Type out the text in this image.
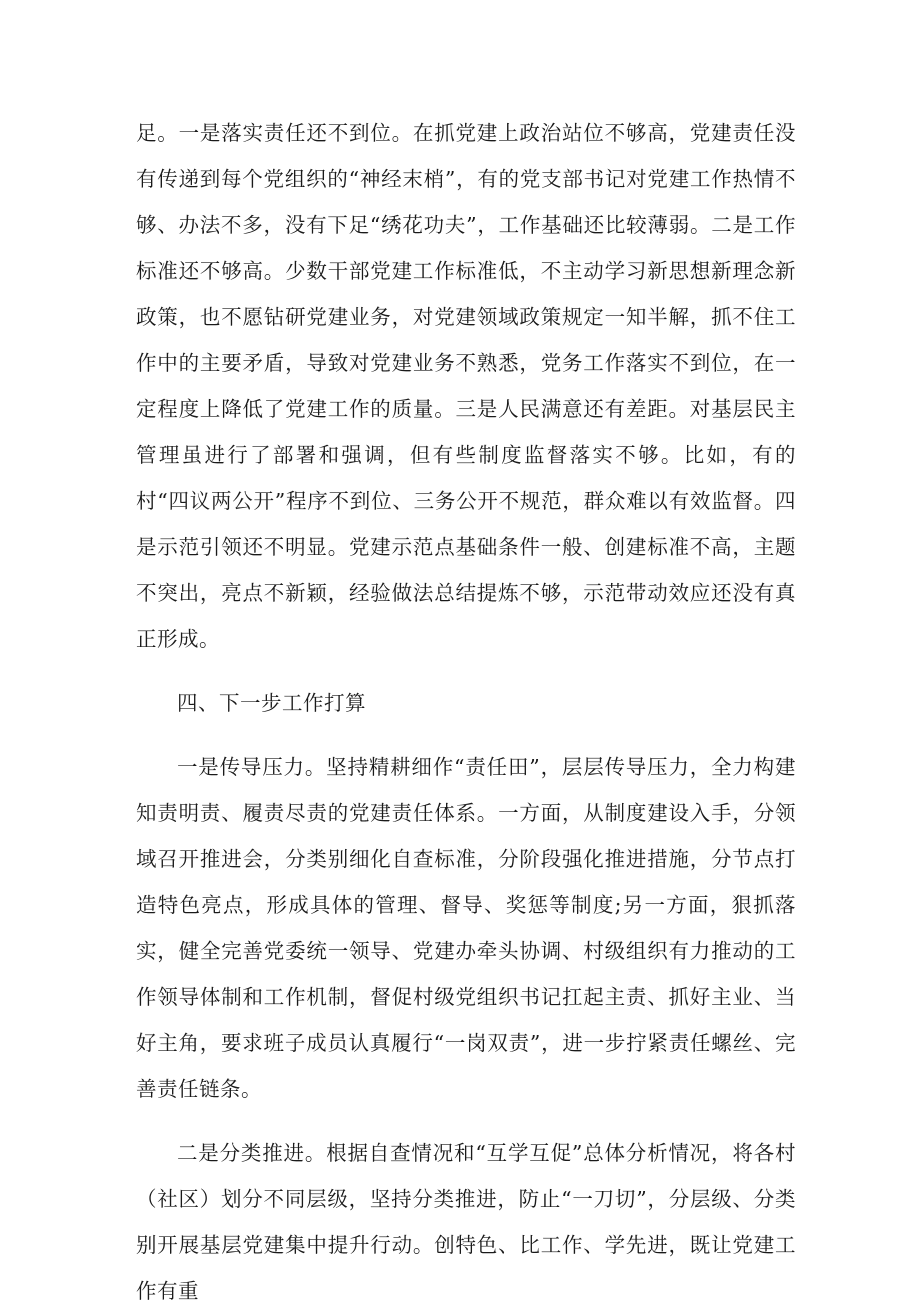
足。一是落实责任还不到位。在抓党建上政治站位不够高，党建责任没有传递到每个党组织的“神经末梢”，有的党支部书记对党建工作热情不够、办法不多，没有下足“绣花功夫”，工作基础还比较薄弱。二是工作标准还不够高。少数干部党建工作标准低，不主动学习新思想新理念新政策，也不愿钻研党建业务，对党建领域政策规定一知半解，抓不住工作中的主要矛盾，导致对党建业务不熟悉，党务工作落实不到位，在一定程度上降低了党建工作的质量。三是人民满意还有差距。对基层民主管理虽进行了部署和强调，但有些制度监督落实不够。比如，有的村“四议两公开”程序不到位、三务公开不规范，群众难以有效监督。四是示范引领还不明显。党建示范点基础条件一般、创建标准不高，主题不突出，亮点不新颖，经验做法总结提炼不够，示范带动效应还没有真正形成。

四、下一步工作打算

一是传导压力。坚持精耕细作“责任田”，层层传导压力，全力构建知责明责、履责尽责的党建责任体系。一方面，从制度建设入手，分领域召开推进会，分类别细化自查标准，分阶段强化推进措施，分节点打造特色亮点，形成具体的管理、督导、奖惩等制度;另一方面，狠抓落实，健全完善党委统一领导、党建办牵头协调、村级组织有力推动的工作领导体制和工作机制，督促村级党组织书记扛起主责、抓好主业、当好主角，要求班子成员认真履行“一岗双责”，进一步拧紧责任螺丝、完善责任链条。

二是分类推进。根据自查情况和“互学互促”总体分析情况，将各村（社区）划分不同层级，坚持分类推进，防止“一刀切”，分层级、分类别开展基层党建集中提升行动。创特色、比工作、学先进，既让党建工作有重
